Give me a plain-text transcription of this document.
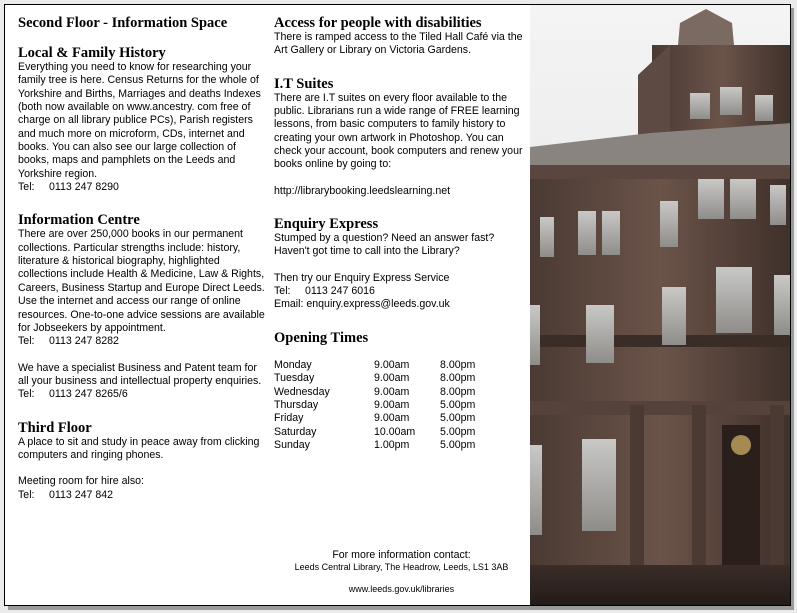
Second Floor - Information Space
Local & Family History

Everything you need to know for researching your family tree is here. Census Returns for the whole of Yorkshire and Births, Marriages and deaths Indexes (both now available on www.ancestry. com free of charge on all library publice PCs), Parish registers and much more on microform, CDs, internet and books. You can also see our large collection of books, maps and pamphlets on the Leeds and Yorkshire region.

Tel:	0113 247 8290
Information Centre

There are over 250,000 books in our permanent collections. Particular strengths include: history, literature & historical biography, highlighted collections include Health & Medicine, Law & Rights, Careers, Business Startup and Europe Direct Leeds. Use the internet and access our range of online resources. One-to-one advice sessions are available for Jobseekers by appointment.

Tel:	0113 247 8282

We have a specialist Business and Patent team for all your business and intellectual property enquiries.

Tel:	0113 247 8265/6
Third Floor

A place to sit and study in peace away from clicking computers and ringing phones.

Meeting room for hire also:

Tel:	0113 247 842
Access for people with disabilities

There is ramped access to the Tiled Hall Café via the Art Gallery or Library on Victoria Gardens.

I.T Suites

There are I.T suites on every floor available to the public. Librarians run a wide range of FREE learning lessons, from basic computers to family history to creating your own artwork in Photoshop. You can check your account, book computers and renew your books online by going to:

http://librarybooking.leedslearning.net

Enquiry Express

Stumped by a question? Need an answer fast? Haven't got time to call into the Library?

Then try our Enquiry Express Service

Tel:	0113 247 6016

Email: enquiry.express@leeds.gov.uk

Opening Times
Monday	9.00am	8.00pm
Tuesday	9.00am	8.00pm
Wednesday	9.00am	8.00pm
Thursday	9.00am	5.00pm
Friday	9.00am	5.00pm
Saturday	10.00am	5.00pm
Sunday	1.00pm	5.00pm
For more information contact:
Leeds Central Library, The Headrow, Leeds, LS1 3AB
www.leeds.gov.uk/libraries
